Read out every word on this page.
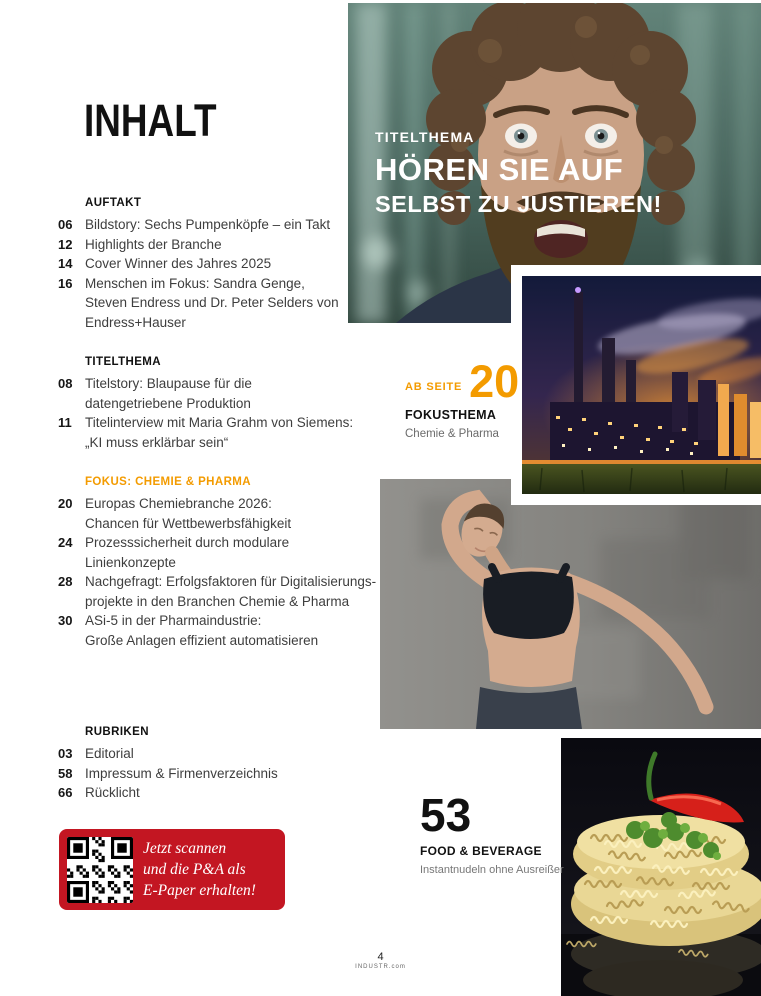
INHALT
AUFTAKT
06 Bildstory: Sechs Pumpenköpfe – ein Takt
12 Highlights der Branche
14 Cover Winner des Jahres 2025
16 Menschen im Fokus: Sandra Genge,
Steven Endress und Dr. Peter Selders von
Endress+Hauser
TITELTHEMA
08 Titelstory: Blaupause für die
datengetriebene Produktion
11 Titelinterview mit Maria Grahm von Siemens:
„KI muss erklärbar sein“
FOKUS: CHEMIE & PHARMA
20 Europas Chemiebranche 2026:
Chancen für Wettbewerbsfähigkeit
24 Prozesssicherheit durch modulare Linienkonzepte
28 Nachgefragt: Erfolgsfaktoren für Digitalisierungs-
projekte in den Branchen Chemie & Pharma
30 ASi-5 in der Pharmaindustrie:
Große Anlagen effizient automatisieren
RUBRIKEN
03 Editorial
58 Impressum & Firmenverzeichnis
66 Rücklicht
Jetzt scannen
und die P&A als
E-Paper erhalten!
4
INDUSTR.com
TITELTHEMA
HÖREN SIE AUF
SELBST ZU JUSTIEREN!
AB SEITE 20
FOKUSTHEMA
Chemie & Pharma
53
FOOD & BEVERAGE
Instantnudeln ohne Ausreißer
